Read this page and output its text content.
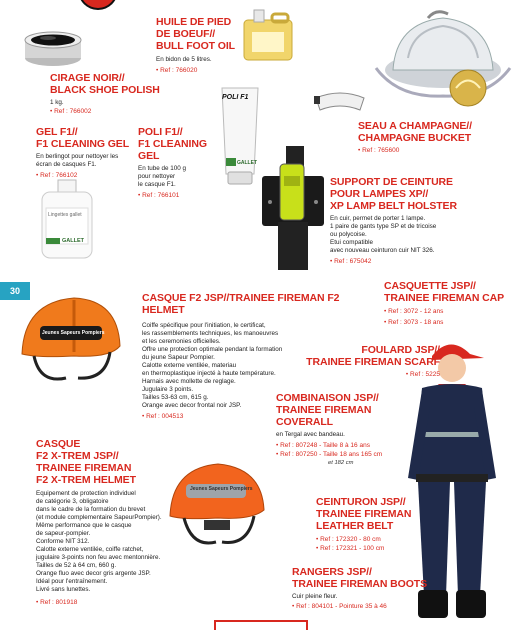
Lingettes gallet
GALLET
POLI F1
GALLET
Jeunes Sapeurs Pompiers
Jeunes Sapeurs Pompiers
30
HUILE DE PIED
DE BOEUF//
BULL FOOT OIL
En bidon de 5 litres.
• Ref : 766020
CIRAGE NOIR//
BLACK SHOE POLISH
1 kg.
• Ref : 766002
SEAU A CHAMPAGNE//
CHAMPAGNE BUCKET
• Ref : 765600
GEL F1//
F1 CLEANING GEL
En berlingot pour nettoyer les
écran de casques F1.
• Ref : 766102
POLI F1//
F1 CLEANING GEL
En tube de 100 g
pour nettoyer
le casque F1.
• Ref : 766101
SUPPORT DE CEINTURE
POUR LAMPES XP//
XP LAMP BELT HOLSTER
En cuir, permet de porter 1 lampe.
1 paire de gants type SP et de tricoise
ou polycoise.
Etui compatible
avec nouveau ceinturon cuir NIT 326.
• Ref : 675042
CASQUETTE JSP//
TRAINEE FIREMAN CAP
• Ref : 3072 - 12 ans
• Ref : 3073 - 18 ans
CASQUE F2 JSP//TRAINEE FIREMAN F2
HELMET
Coiffe spécifique pour l'initiation, le certificat,
les rassemblements techniques, les manoeuvres
et les ceremonies officielles.
Offre une protection optimale pendant la formation
du jeune Sapeur Pompier.
Calotte externe ventilée, materiau
en thermoplastique injecté à haute température.
Harnais avec mollette de reglage.
Jugulaire 3 points.
Tailles 53-63 cm, 615 g.
Orange avec decor frontal noir JSP.
• Ref : 004513
FOULARD JSP//
TRAINEE FIREMAN SCARF
• Ref : 5225
COMBINAISON JSP//
TRAINEE FIREMAN
COVERALL
en Tergal avec bandeau.
• Ref : 807248 - Taille 8 à 16 ans
• Ref : 807250 - Taille 18 ans 165 cm
et 182 cm
CASQUE
F2 X-TREM JSP//
TRAINEE FIREMAN
F2 X-TREM HELMET
Equipement de protection individuel
de catégorie 3, obligatoire
dans le cadre de la formation du brevet
(et module complementaire SapeurPompier).
Même performance que le casque
de sapeur-pompier.
Conforme NIT 312.
Calotte externe ventilée, coiffe ratchet,
jugulaire 3-points non feu avec mentonnière.
Tailles de 52 à 64 cm, 660 g.
Orange fluo avec decor gris argente JSP.
Idéal pour l'entraînement.
Livré sans lunettes.
• Ref : 801918
CEINTURON JSP//
TRAINEE FIREMAN
LEATHER BELT
• Ref : 172320 - 80 cm
• Ref : 172321 - 100 cm
RANGERS JSP//
TRAINEE FIREMAN BOOTS
Cuir pleine fleur.
• Ref : 804101 - Pointure 35 à 46
